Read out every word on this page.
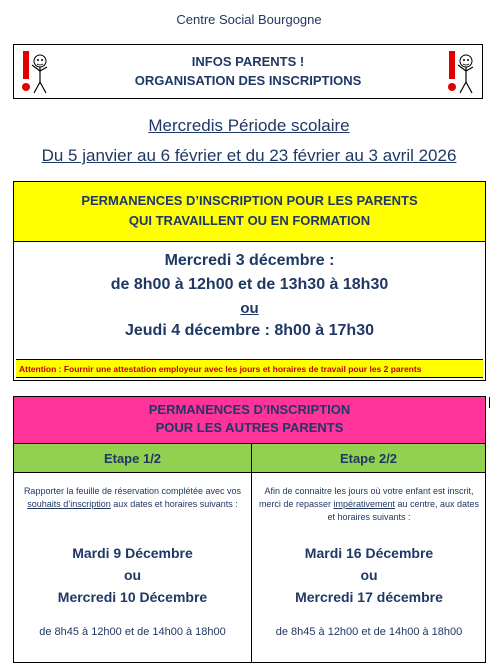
Centre Social Bourgogne
INFOS PARENTS !
ORGANISATION DES INSCRIPTIONS
Mercredis Période scolaire
Du 5 janvier au 6 février et du 23 février au 3 avril 2026
PERMANENCES D’INSCRIPTION POUR LES PARENTS
QUI TRAVAILLENT OU EN FORMATION
Mercredi 3 décembre :
de 8h00 à 12h00 et de 13h30 à 18h30
ou
Jeudi 4 décembre : 8h00 à 17h30
Attention : Fournir une attestation employeur avec les jours et horaires de travail pour les 2 parents
PERMANENCES D’INSCRIPTION
POUR LES AUTRES PARENTS
Etape 1/2	Etape 2/2
Rapporter la feuille de réservation complétée avec vos souhaits d’inscription aux dates et horaires suivants :
Mardi 9 Décembre
ou
Mercredi 10 Décembre
de 8h45 à 12h00 et de 14h00 à 18h00
Afin de connaitre les jours où votre enfant est inscrit, merci de repasser impérativement au centre, aux dates et horaires suivants :
Mardi 16 Décembre
ou
Mercredi 17 décembre
de 8h45 à 12h00 et de 14h00 à 18h00
